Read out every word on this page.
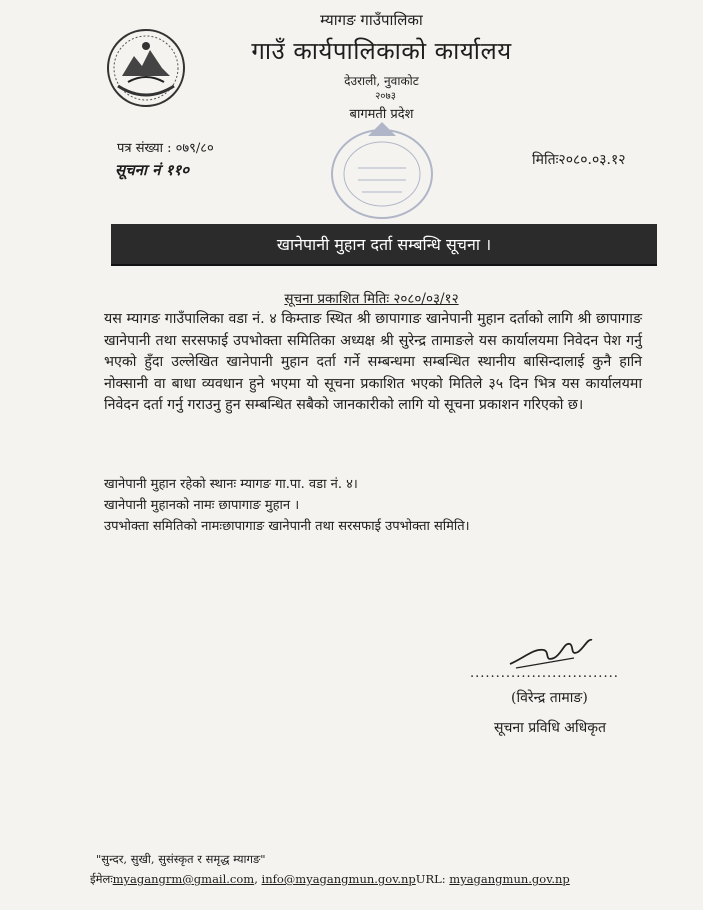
म्यागङ गाउँपालिका
गाउँ कार्यपालिकाको कार्यालय
देउराली, नुवाकोट
२०७३
बागमती प्रदेश
पत्र संख्या : ०७९/८०
सूचना नं ११०
मितिः२०८०.०३.१२
खानेपानी मुहान दर्ता सम्बन्धि सूचना ।
सूचना प्रकाशित मितिः २०८०/०३/१२
यस म्यागङ गाउँपालिका वडा नं. ४ किम्ताङ स्थित श्री छापागाङ खानेपानी मुहान दर्ताको लागि श्री छापागाङ खानेपानी तथा सरसफाई उपभोक्ता समितिका अध्यक्ष श्री सुरेन्द्र तामाङले यस कार्यालयमा निवेदन पेश गर्नु भएको हुँदा उल्लेखित खानेपानी मुहान दर्ता गर्ने सम्बन्धमा सम्बन्धित स्थानीय बासिन्दालाई कुनै हानि नोक्सानी वा बाधा व्यवधान हुने भएमा यो सूचना प्रकाशित भएको मितिले ३५ दिन भित्र यस कार्यालयमा निवेदन दर्ता गर्नु गराउनु हुन सम्बन्धित सबैको जानकारीको लागि यो सूचना प्रकाशन गरिएको छ।
खानेपानी मुहान रहेको स्थानः म्यागङ गा.पा. वडा नं. ४।
खानेपानी मुहानको नामः छापागाङ मुहान ।
उपभोक्ता समितिको नामःछापागाङ खानेपानी तथा सरसफाई उपभोक्ता समिति।
.............................
(विरेन्द्र तामाङ)
सूचना प्रविधि अधिकृत
"सुन्दर, सुखी, सुसंस्कृत र समृद्ध म्यागङ"
ईमेलःmyagangrm@gmail.com, info@myagangmun.gov.npURL: myagangmun.gov.np
